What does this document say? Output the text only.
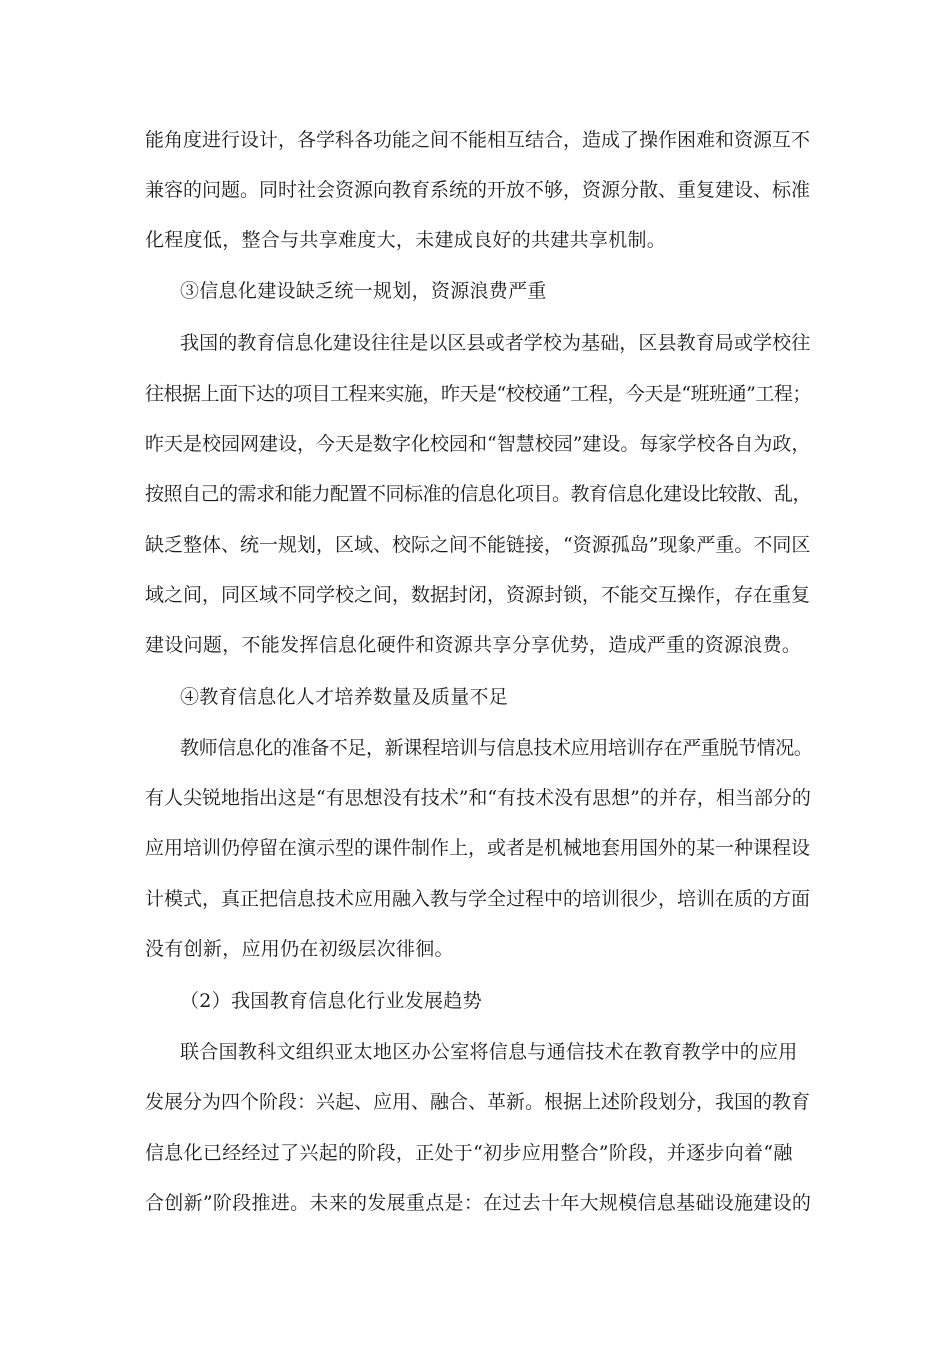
能角度进行设计，各学科各功能之间不能相互结合，造成了操作困难和资源互不
兼容的问题。同时社会资源向教育系统的开放不够，资源分散、重复建设、标准
化程度低，整合与共享难度大，未建成良好的共建共享机制。
③信息化建设缺乏统一规划，资源浪费严重
我国的教育信息化建设往往是以区县或者学校为基础，区县教育局或学校往
往根据上面下达的项目工程来实施，昨天是“校校通”工程，今天是“班班通”工程；
昨天是校园网建设，今天是数字化校园和“智慧校园”建设。每家学校各自为政，
按照自己的需求和能力配置不同标准的信息化项目。教育信息化建设比较散、乱，
缺乏整体、统一规划，区域、校际之间不能链接，“资源孤岛”现象严重。不同区
域之间，同区域不同学校之间，数据封闭，资源封锁，不能交互操作，存在重复
建设问题，不能发挥信息化硬件和资源共享分享优势，造成严重的资源浪费。
④教育信息化人才培养数量及质量不足
教师信息化的准备不足，新课程培训与信息技术应用培训存在严重脱节情况。
有人尖锐地指出这是“有思想没有技术”和“有技术没有思想”的并存，相当部分的
应用培训仍停留在演示型的课件制作上，或者是机械地套用国外的某一种课程设
计模式，真正把信息技术应用融入教与学全过程中的培训很少，培训在质的方面
没有创新，应用仍在初级层次徘徊。
（2）我国教育信息化行业发展趋势
联合国教科文组织亚太地区办公室将信息与通信技术在教育教学中的应用
发展分为四个阶段：兴起、应用、融合、革新。根据上述阶段划分，我国的教育
信息化已经经过了兴起的阶段，正处于“初步应用整合”阶段，并逐步向着“融
合创新”阶段推进。未来的发展重点是：在过去十年大规模信息基础设施建设的
